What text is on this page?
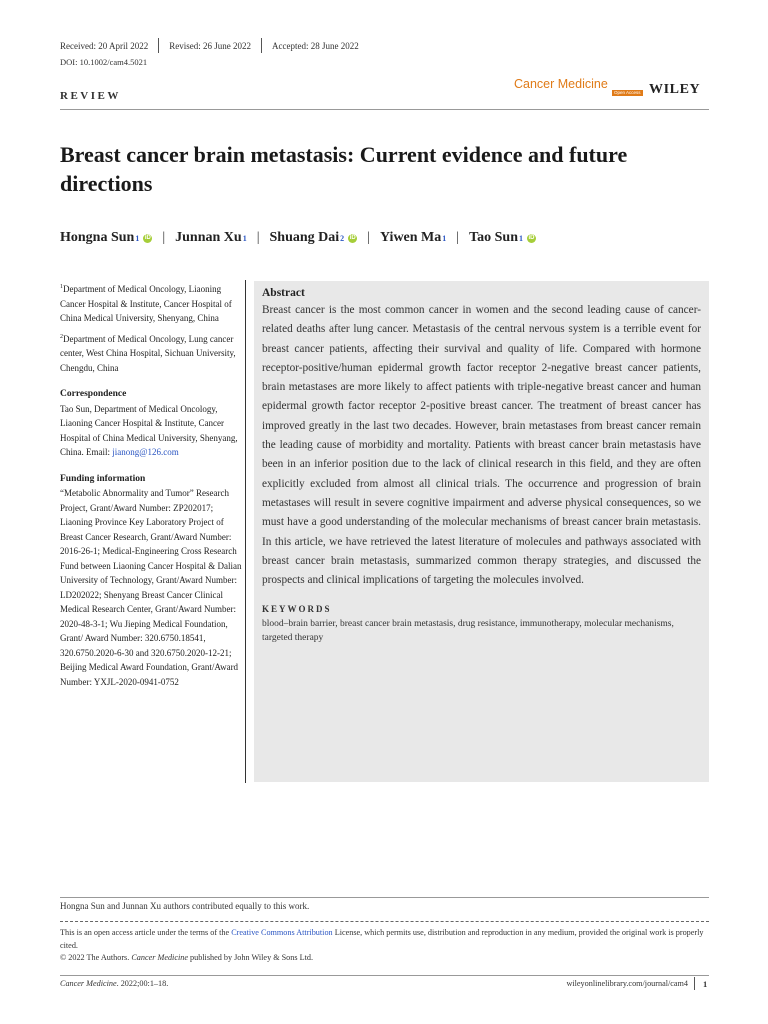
Received: 20 April 2022 Revised: 26 June 2022 Accepted: 28 June 2022
DOI: 10.1002/cam4.5021
REVIEW
Cancer Medicine
Open Access WILEY
Breast cancer brain metastasis: Current evidence and future directions
Hongna Sun 1 iD | Junnan Xu 1 | Shuang Dai 2 iD | Yiwen Ma 1 | Tao Sun 1 iD

$^1$Department of Medical Oncology, Liaoning Cancer Hospital & Institute, Cancer Hospital of China Medical University, Shenyang, China

$^2$Department of Medical Oncology, Lung cancer center, West China Hospital, Sichuan University, Chengdu, China

Correspondence

Tao Sun, Department of Medical Oncology, Liaoning Cancer Hospital & Institute, Cancer Hospital of China Medical University, Shenyang, China. Email: jianong@126.com

Funding information

“Metabolic Abnormality and Tumor” Research Project, Grant/Award Number: ZP202017; Liaoning Province Key Laboratory Project of Breast Cancer Research, Grant/Award Number: 2016-26-1; Medical-Engineering Cross Research Fund between Liaoning Cancer Hospital & Dalian University of Technology, Grant/Award Number: LD202022; Shenyang Breast Cancer Clinical Medical Research Center, Grant/Award Number: 2020-48-3-1; Wu Jieping Medical Foundation, Grant/ Award Number: 320.6750.18541, 320.6750.2020-6-30 and 320.6750.2020-12-21; Beijing Medical Award Foundation, Grant/Award Number: YXJL-2020-0941-0752

Abstract

Breast cancer is the most common cancer in women and the second leading cause of cancer-related deaths after lung cancer. Metastasis of the central nervous system is a terrible event for breast cancer patients, affecting their survival and quality of life. Compared with hormone receptor-positive/human epidermal growth factor receptor 2-negative breast cancer patients, brain metastases are more likely to affect patients with triple-negative breast cancer and human epidermal growth factor receptor 2-positive breast cancer. The treatment of breast cancer has improved greatly in the last two decades. However, brain metastases from breast cancer remain the leading cause of morbidity and mortality. Patients with breast cancer brain metastasis have been in an inferior position due to the lack of clinical research in this field, and they are often explicitly excluded from almost all clinical trials. The occurrence and progression of brain metastases will result in severe cognitive impairment and adverse physical consequences, so we must have a good understanding of the molecular mechanisms of breast cancer brain metastasis. In this article, we have retrieved the latest literature of molecules and pathways associated with breast cancer brain metastasis, summarized common therapy strategies, and discussed the prospects and clinical implications of targeting the molecules involved.

KEYWORDS
blood–brain barrier, breast cancer brain metastasis, drug resistance, immunotherapy, molecular mechanisms, targeted therapy
Hongna Sun and Junnan Xu authors contributed equally to this work.

This is an open access article under the terms of the Creative Commons Attribution License, which permits use, distribution and reproduction in any medium, provided the original work is properly cited.

© 2022 The Authors. Cancer Medicine published by John Wiley & Sons Ltd.

Cancer Medicine. 2022;00:1–18.	wileyonlinelibrary.com/journal/cam4 1
